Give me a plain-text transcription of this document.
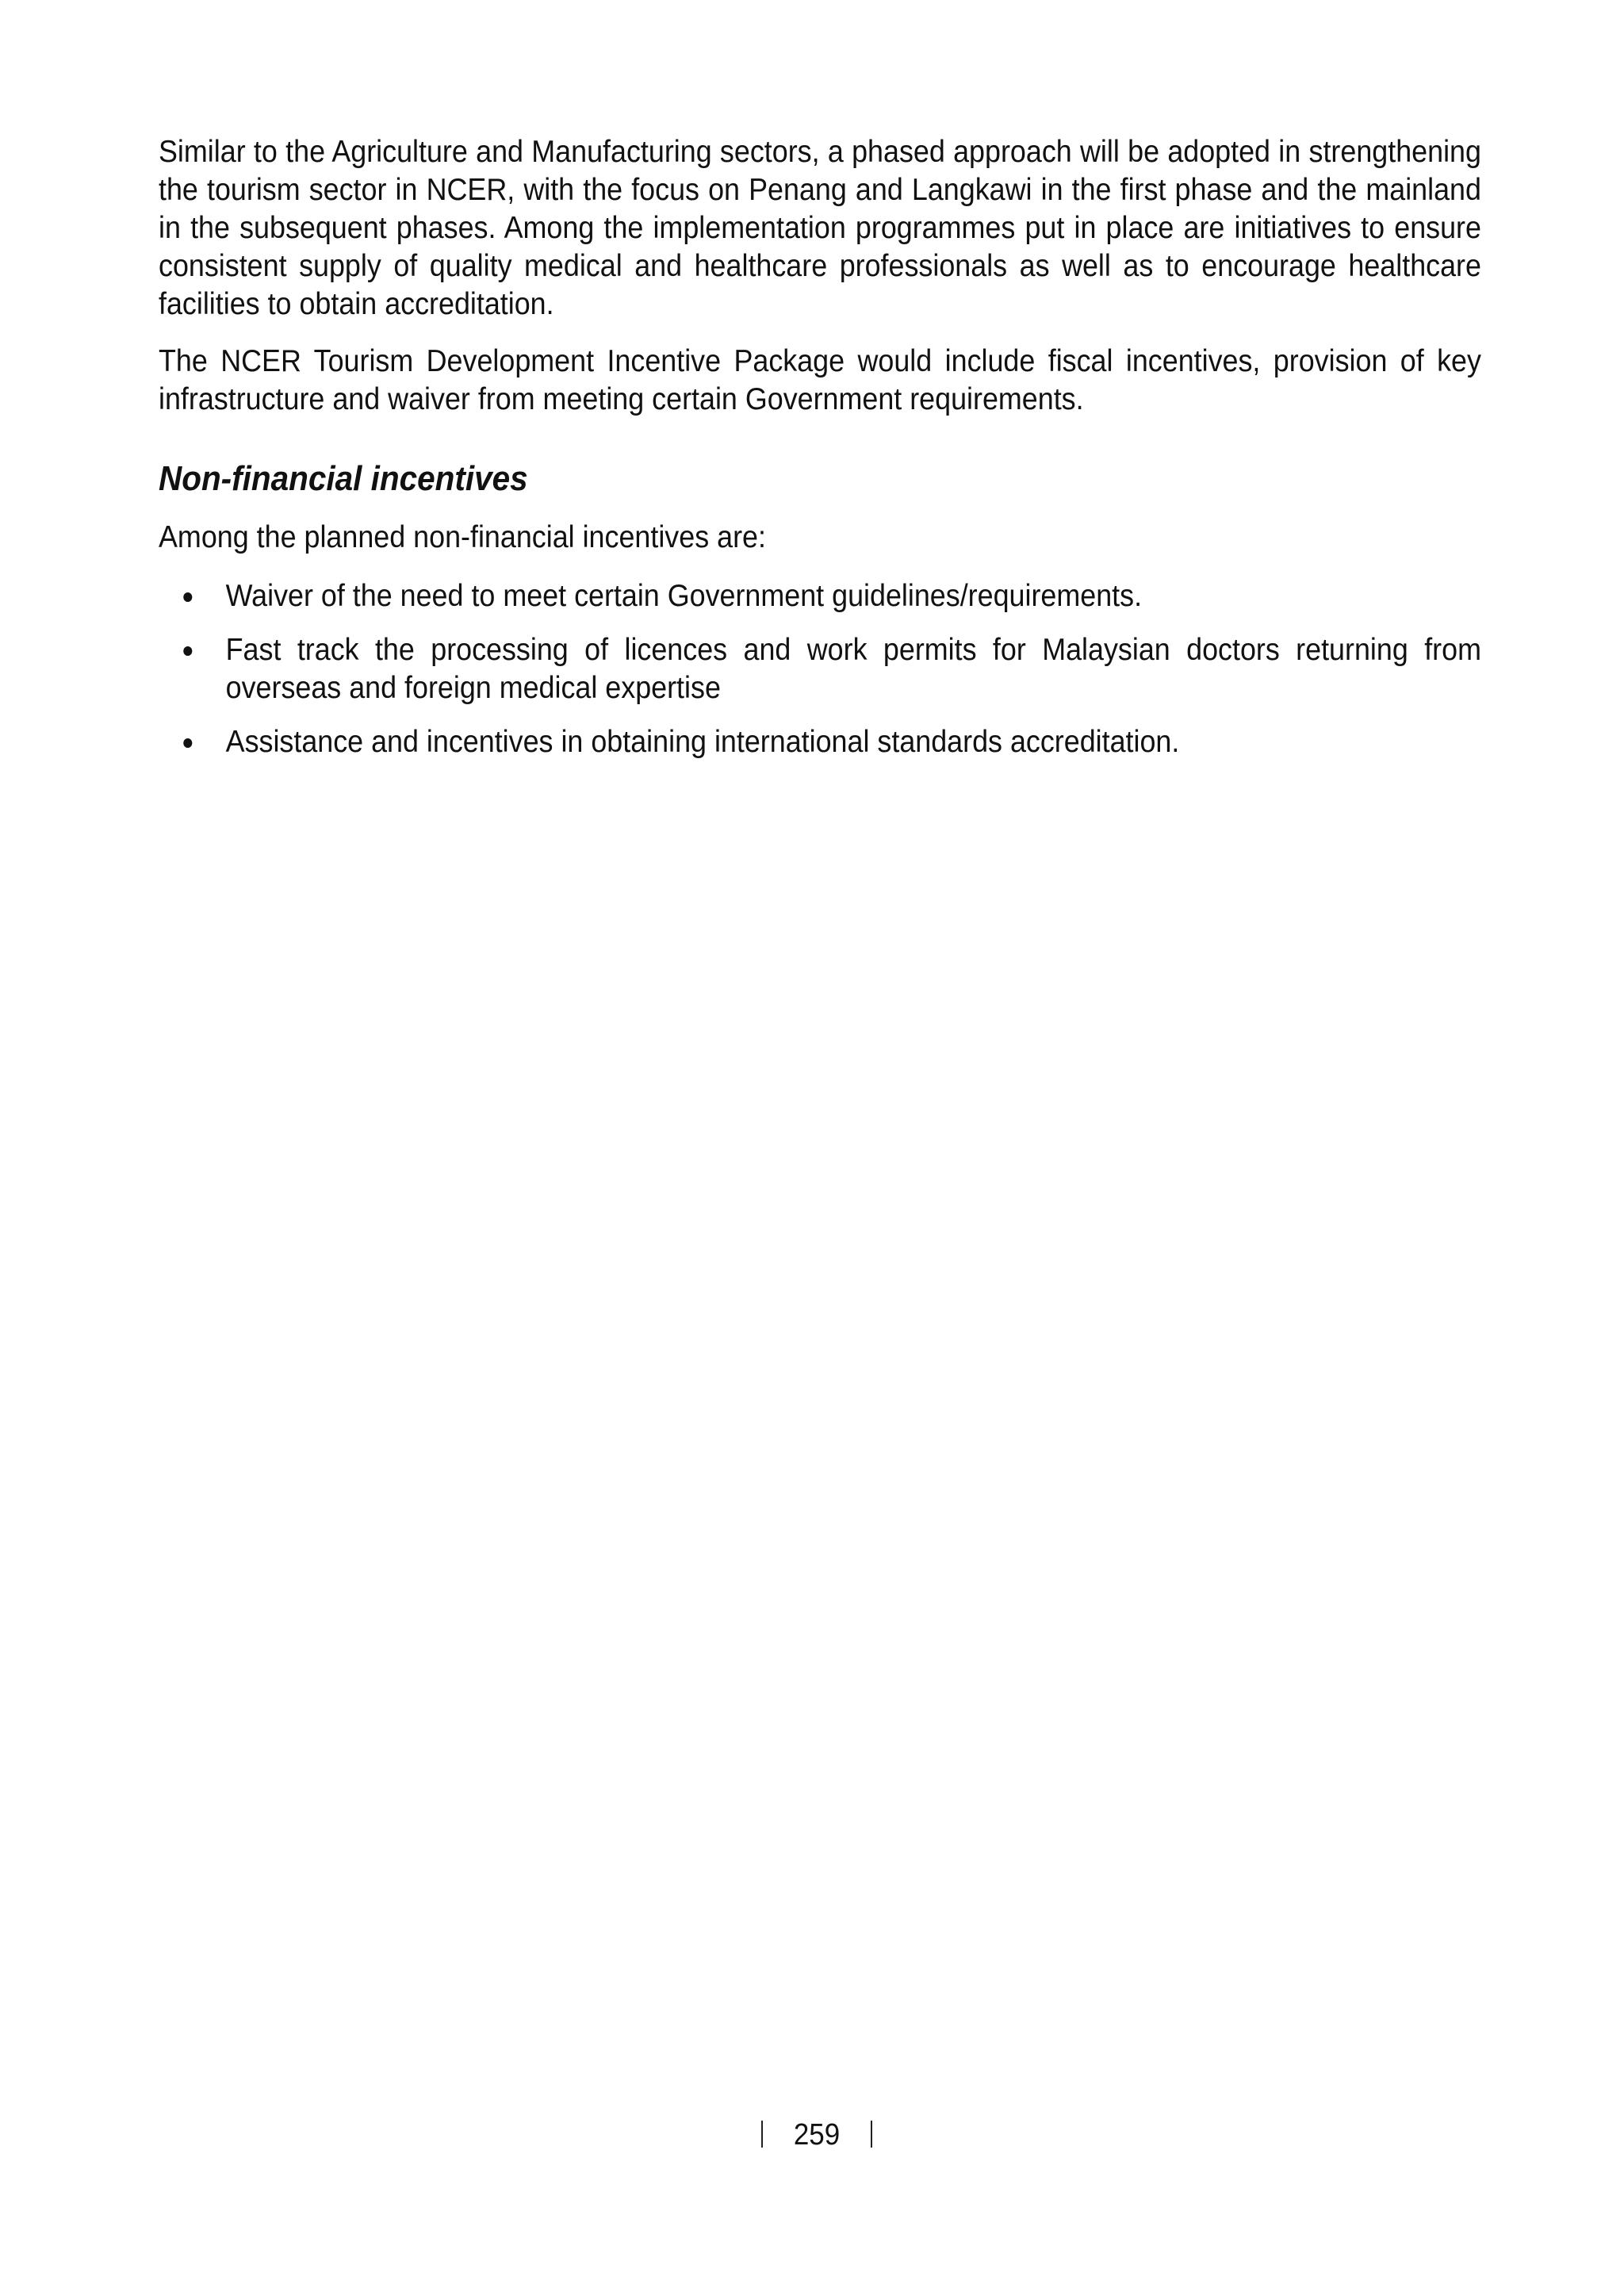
Similar to the Agriculture and Manufacturing sectors, a phased approach will be adopted in strengthening the tourism sector in NCER, with the focus on Penang and Langkawi in the first phase and the mainland in the subsequent phases. Among the implementation programmes put in place are initiatives to ensure consistent supply of quality medical and healthcare professionals as well as to encourage healthcare facilities to obtain accreditation.

The NCER Tourism Development Incentive Package would include fiscal incentives, provision of key infrastructure and waiver from meeting certain Government requirements.

Non-financial incentives

Among the planned non-financial incentives are:

Waiver of the need to meet certain Government guidelines/requirements.
Fast track the processing of licences and work permits for Malaysian doctors returning from overseas and foreign medical expertise
Assistance and incentives in obtaining international standards accreditation.
259
